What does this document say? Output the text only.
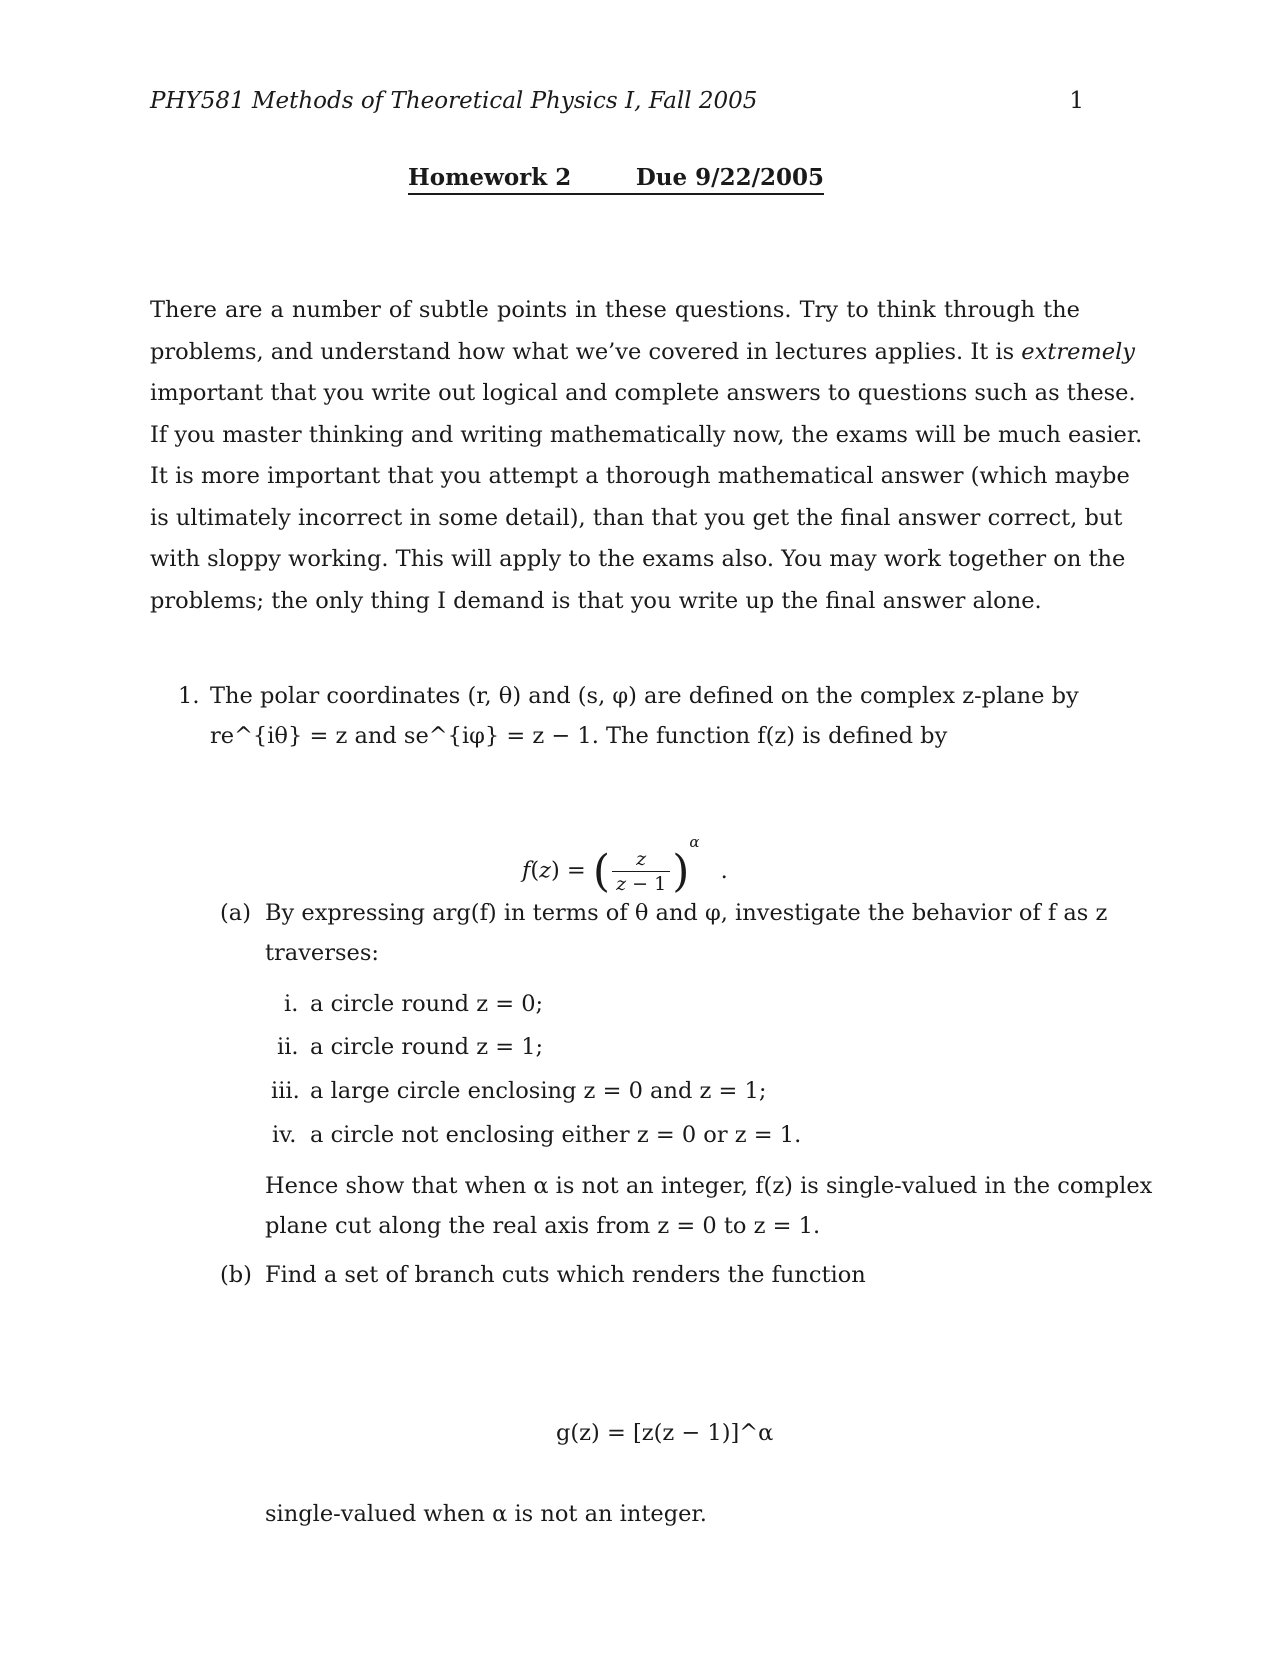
PHY581 Methods of Theoretical Physics I, Fall 2005	1
Homework 2	Due 9/22/2005
There are a number of subtle points in these questions. Try to think through the
problems, and understand how what we’ve covered in lectures applies. It is extremely
important that you write out logical and complete answers to questions such as these.
If you master thinking and writing mathematically now, the exams will be much easier.
It is more important that you attempt a thorough mathematical answer (which maybe
is ultimately incorrect in some detail), than that you get the final answer correct, but
with sloppy working. This will apply to the exams also. You may work together on the
problems; the only thing I demand is that you write up the final answer alone.
1. The polar coordinates (r, θ) and (s, φ) are defined on the complex z-plane by
re^{iθ} = z and se^{iφ} = z − 1. The function f(z) is defined by
f(z) = ( $\frac{z}{z - 1} )^\alpha$ .
(a) By expressing arg(f) in terms of θ and φ, investigate the behavior of f as z
traverses:
i. a circle round z = 0;
ii. a circle round z = 1;
iii. a large circle enclosing z = 0 and z = 1;
iv. a circle not enclosing either z = 0 or z = 1.
Hence show that when α is not an integer, f(z) is single-valued in the complex
plane cut along the real axis from z = 0 to z = 1.
(b) Find a set of branch cuts which renders the function
g(z) = [z(z − 1)]^α
single-valued when α is not an integer.
